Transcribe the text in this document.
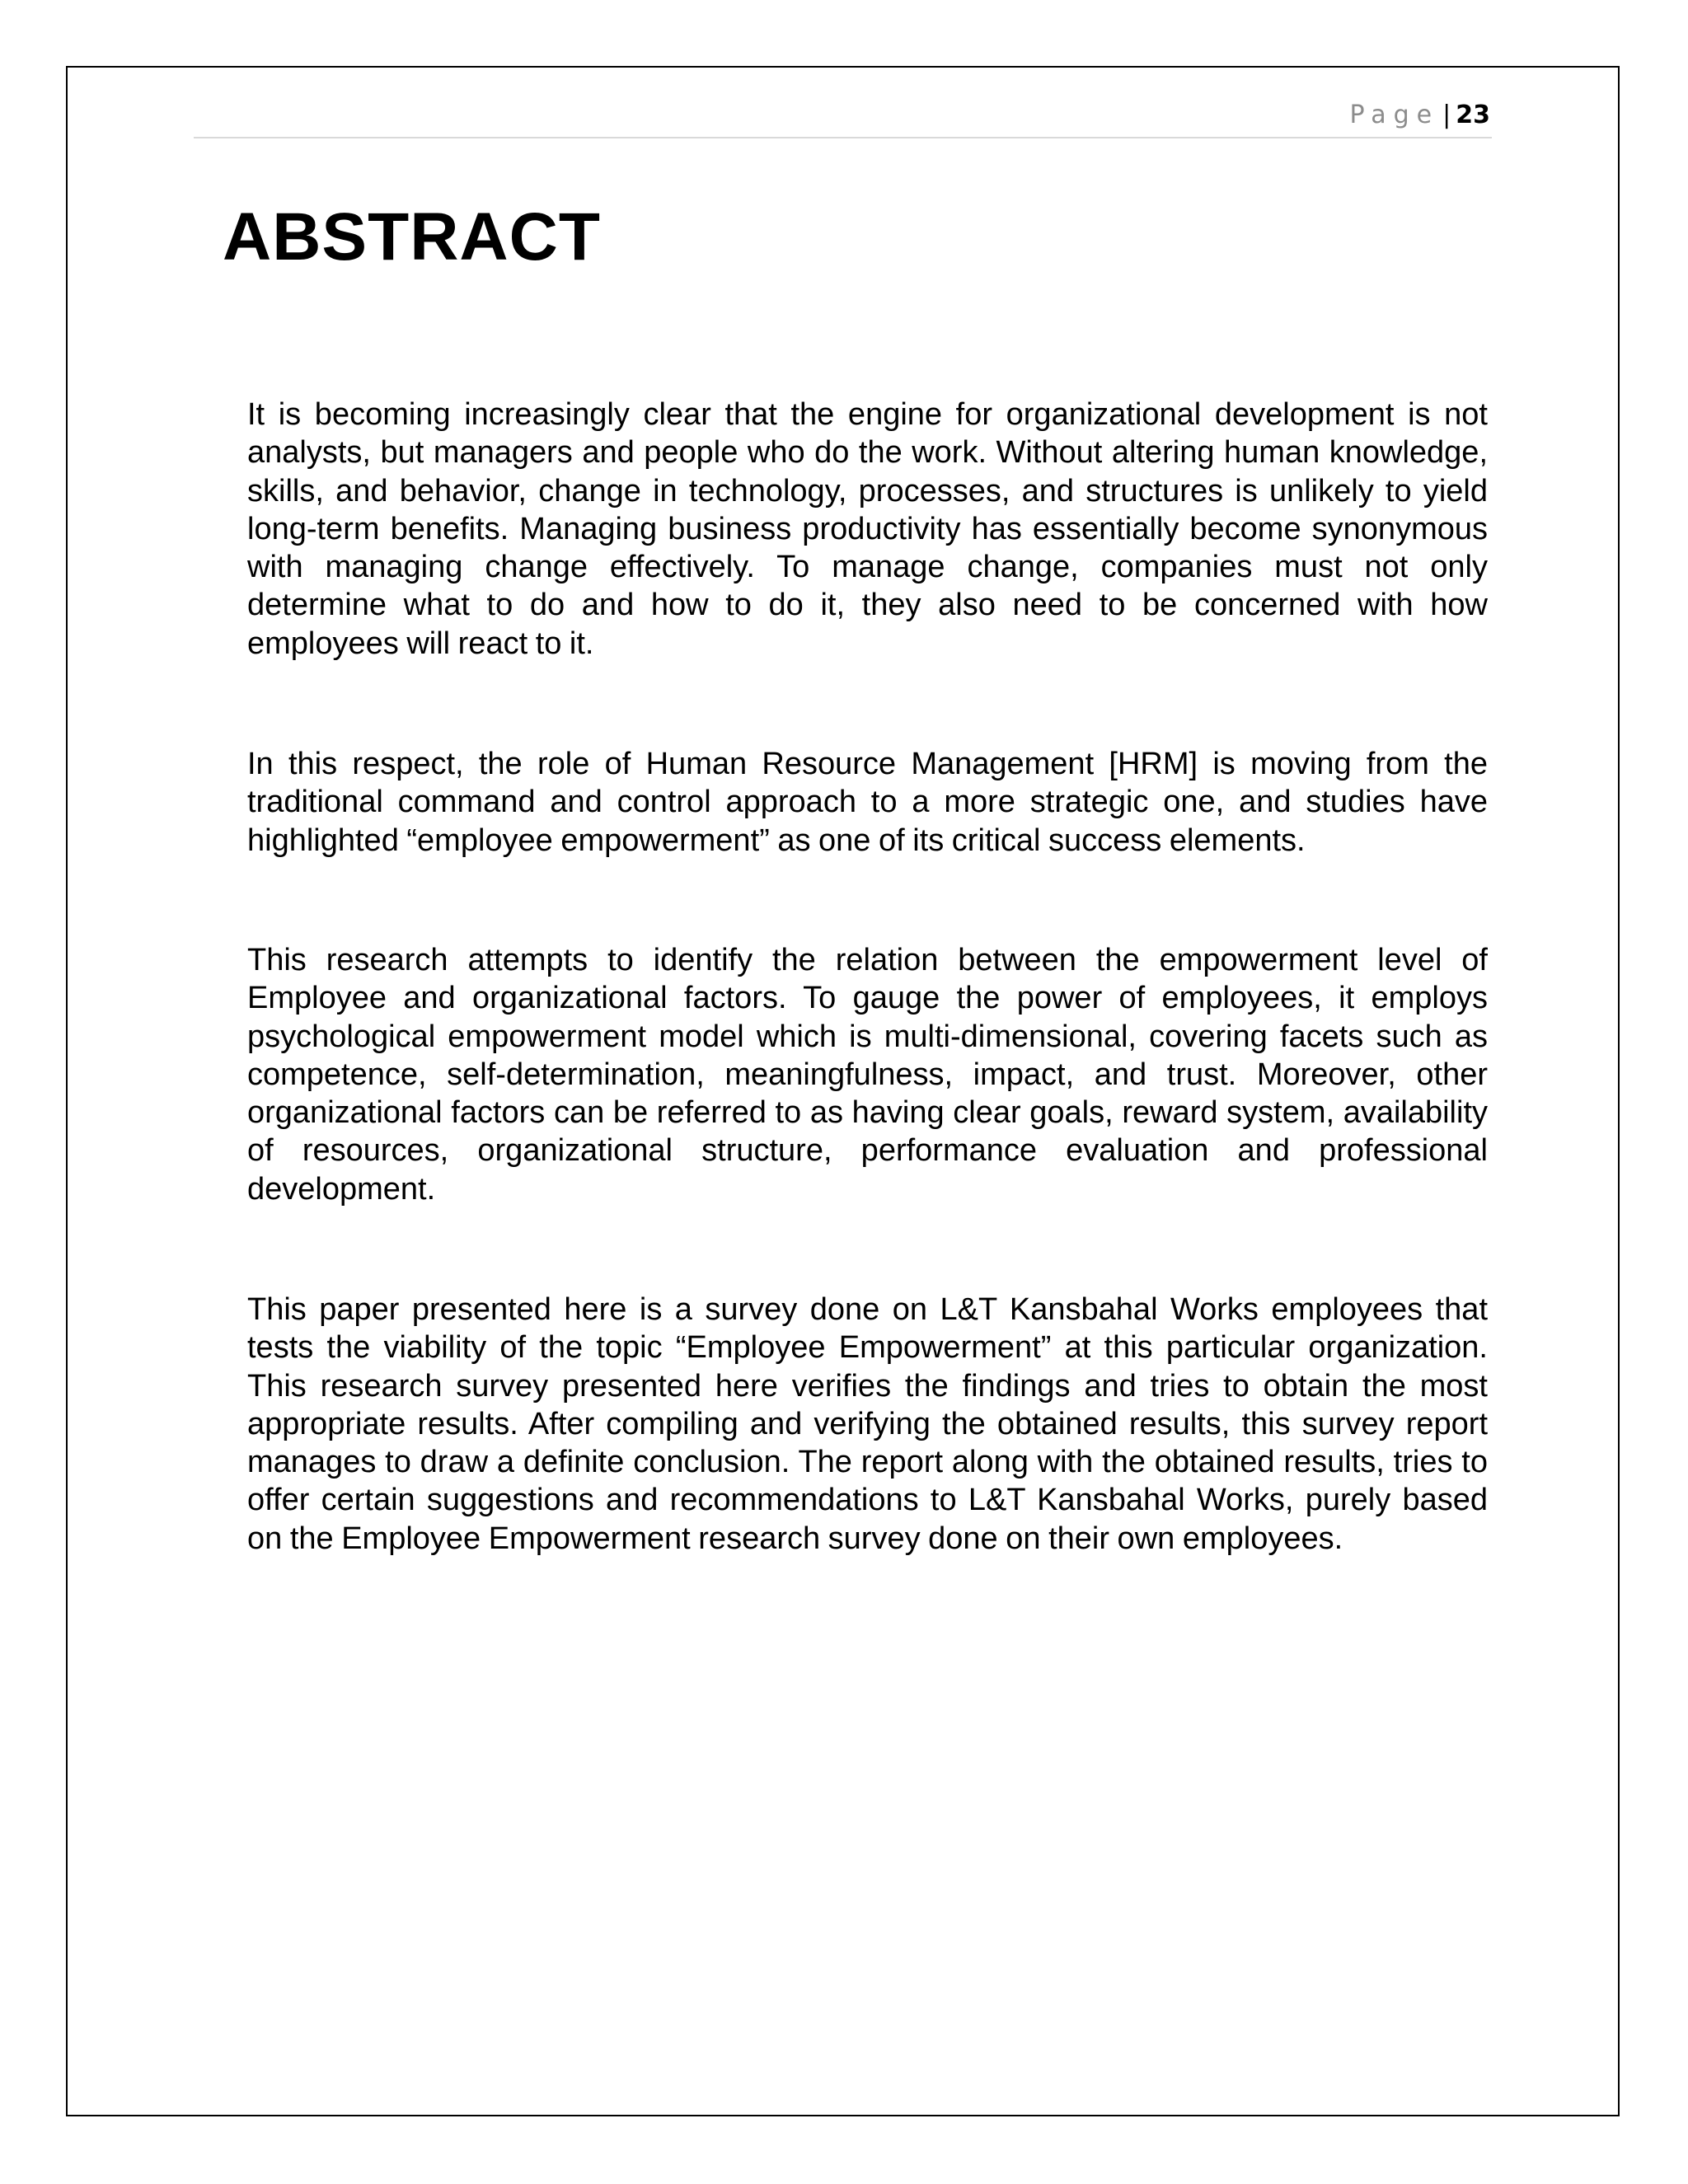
Page | 23
ABSTRACT

It is becoming increasingly clear that the engine for organizational development is not analysts, but managers and people who do the work. Without altering human knowledge, skills, and behavior, change in technology, processes, and structures is unlikely to yield long-term benefits. Managing business productivity has essentially become synonymous with managing change effectively. To manage change, companies must not only determine what to do and how to do it, they also need to be concerned with how employees will react to it.

In this respect, the role of Human Resource Management [HRM] is moving from the traditional command and control approach to a more strategic one, and studies have highlighted “employee empowerment” as one of its critical success elements.

This research attempts to identify the relation between the empowerment level of Employee and organizational factors. To gauge the power of employees, it employs psychological empowerment model which is multi-dimensional, covering facets such as competence, self-determination, meaningfulness, impact, and trust. Moreover, other organizational factors can be referred to as having clear goals, reward system, availability of resources, organizational structure, performance evaluation and professional development.

This paper presented here is a survey done on L&T Kansbahal Works employees that tests the viability of the topic “Employee Empowerment” at this particular organization. This research survey presented here verifies the findings and tries to obtain the most appropriate results. After compiling and verifying the obtained results, this survey report manages to draw a definite conclusion. The report along with the obtained results, tries to offer certain suggestions and recommendations to L&T Kansbahal Works, purely based on the Employee Empowerment research survey done on their own employees.
